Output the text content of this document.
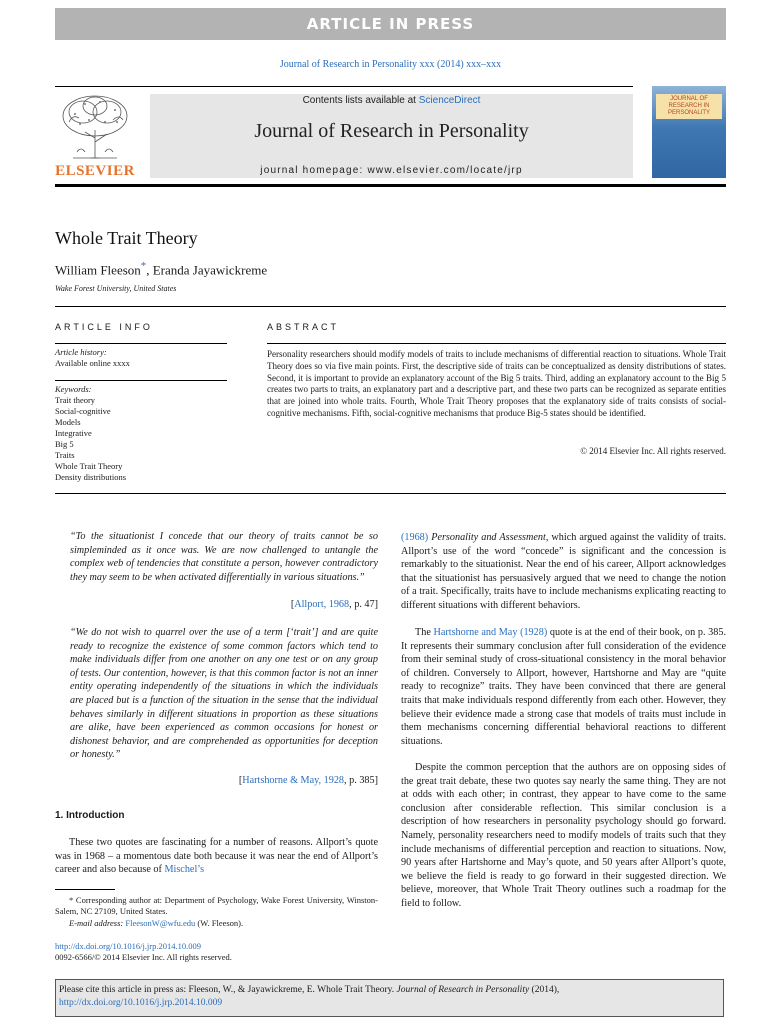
ARTICLE IN PRESS
Journal of Research in Personality xxx (2014) xxx–xxx
Contents lists available at ScienceDirect
Journal of Research in Personality
journal homepage: www.elsevier.com/locate/jrp
ELSEVIER
JOURNAL OF RESEARCH IN PERSONALITY
Whole Trait Theory
William Fleeson*, Eranda Jayawickreme
Wake Forest University, United States
ARTICLE INFO
Article history:
Available online xxxx
Keywords:
Trait theory
Social-cognitive
Models
Integrative
Big 5
Traits
Whole Trait Theory
Density distributions
ABSTRACT
Personality researchers should modify models of traits to include mechanisms of differential reaction to situations. Whole Trait Theory does so via five main points. First, the descriptive side of traits can be conceptualized as density distributions of states. Second, it is important to provide an explanatory account of the Big 5 traits. Third, adding an explanatory account to the Big 5 creates two parts to traits, an explanatory part and a descriptive part, and these two parts can be recognized as separate entities that are joined into whole traits. Fourth, Whole Trait Theory proposes that the explanatory side of traits consists of social-cognitive mechanisms. Fifth, social-cognitive mechanisms that produce Big-5 states should be identified.
© 2014 Elsevier Inc. All rights reserved.
“To the situationist I concede that our theory of traits cannot be so simpleminded as it once was. We are now challenged to untangle the complex web of tendencies that constitute a person, however contradictory they may seem to be when activated differentially in various situations.”
[Allport, 1968, p. 47]
“We do not wish to quarrel over the use of a term [‘trait’] and are quite ready to recognize the existence of some common factors which tend to make individuals differ from one another on any one test or on any group of tests. Our contention, however, is that this common factor is not an inner entity operating independently of the situations in which the individuals are placed but is a function of the situation in the sense that the individual behaves similarly in different situations in proportion as these situations are alike, have been experienced as common occasions for honest or dishonest behavior, and are comprehended as opportunities for deception or honesty.”
[Hartshorne & May, 1928, p. 385]
1. Introduction
These two quotes are fascinating for a number of reasons. Allport’s quote was in 1968 – a momentous date both because it was near the end of Allport’s career and also because of Mischel’s
* Corresponding author at: Department of Psychology, Wake Forest University, Winston-Salem, NC 27109, United States.
E-mail address: FleesonW@wfu.edu (W. Fleeson).
http://dx.doi.org/10.1016/j.jrp.2014.10.009
0092-6566/© 2014 Elsevier Inc. All rights reserved.
(1968) Personality and Assessment, which argued against the validity of traits. Allport’s use of the word “concede” is significant and the concession is remarkably to the situationist. Near the end of his career, Allport acknowledges that the situationist has persuasively argued that we need to change the notion of a trait. Specifically, traits have to include mechanisms explicating reacting to different situations with different behaviors.
The Hartshorne and May (1928) quote is at the end of their book, on p. 385. It represents their summary conclusion after full consideration of the evidence from their seminal study of cross-situational consistency in the moral behavior of children. Conversely to Allport, however, Hartshorne and May are “quite ready to recognize” traits. They have been convinced that there are general traits that make individuals respond differently from each other. However, they believe their evidence made a strong case that models of traits must include in them mechanisms concerning differential behavioral reactions to different situations.
Despite the common perception that the authors are on opposing sides of the great trait debate, these two quotes say nearly the same thing. They are not at odds with each other; in contrast, they appear to have come to the same conclusion after considerable reflection. This similar conclusion is a description of how researchers in personality psychology should go forward. Namely, personality researchers need to modify models of traits such that they include mechanisms of differential perception and reaction to situations. Now, 90 years after Hartshorne and May’s quote, and 50 years after Allport’s quote, we believe the field is ready to go forward in their suggested direction. We believe, moreover, that Whole Trait Theory outlines such a roadmap for the field to follow.
Please cite this article in press as: Fleeson, W., & Jayawickreme, E. Whole Trait Theory. Journal of Research in Personality (2014), http://dx.doi.org/10.1016/j.jrp.2014.10.009
